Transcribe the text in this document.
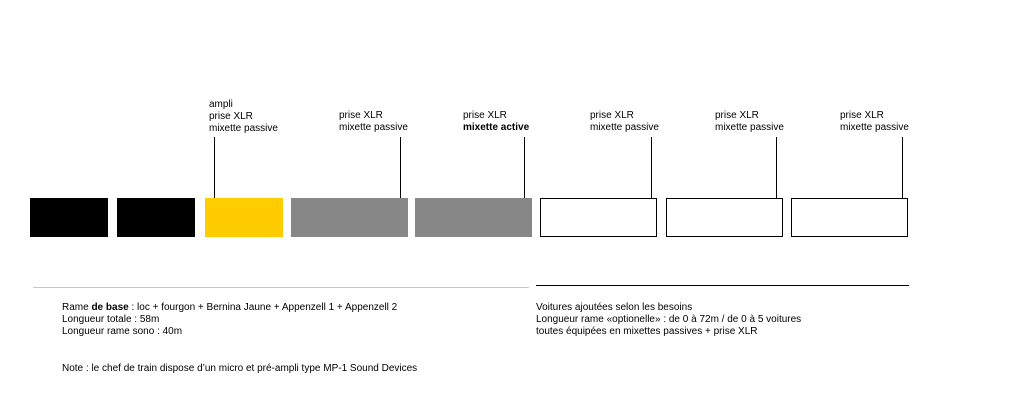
ampli
prise XLR
mixette passive
prise XLR
mixette passive
prise XLR
mixette active
prise XLR
mixette passive
prise XLR
mixette passive
prise XLR
mixette passive
Rame de base : loc + fourgon + Bernina Jaune + Appenzell 1 + Appenzell 2
Longueur totale : 58m
Longueur rame sono : 40m
Note : le chef de train dispose d’un micro et pré-ampli type MP-1 Sound Devices
Voitures ajoutées selon les besoins
Longueur rame «optionelle» : de 0 à 72m / de 0 à 5 voitures
toutes équipées en mixettes passives + prise XLR
